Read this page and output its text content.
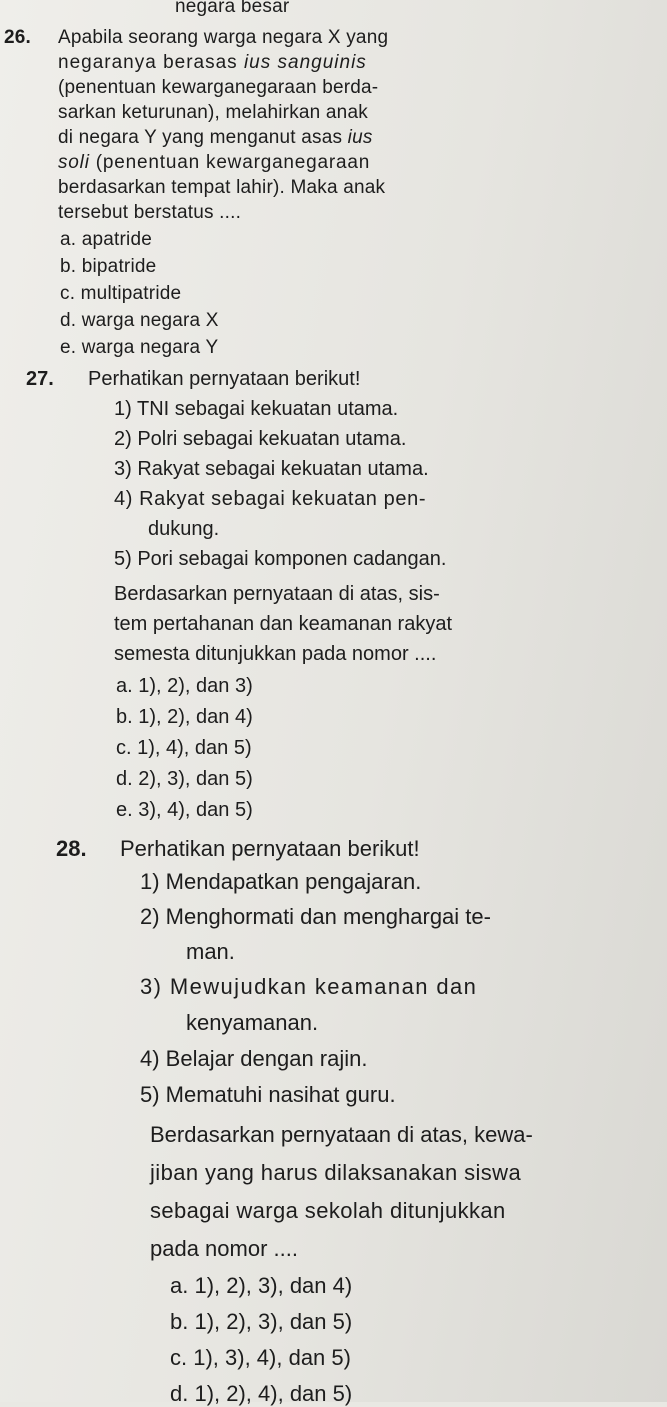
negara besar
26. Apabila seorang warga negara X yang
negaranya berasas ius sanguinis
(penentuan kewarganegaraan berda-
sarkan keturunan), melahirkan anak
di negara Y yang menganut asas ius
soli (penentuan kewarganegaraan
berdasarkan tempat lahir). Maka anak
tersebut berstatus ....
a. apatride
b. bipatride
c. multipatride
d. warga negara X
e. warga negara Y
27. Perhatikan pernyataan berikut!
1) TNI sebagai kekuatan utama.
2) Polri sebagai kekuatan utama.
3) Rakyat sebagai kekuatan utama.
4) Rakyat sebagai kekuatan pen-
dukung.
5) Pori sebagai komponen cadangan.
Berdasarkan pernyataan di atas, sis-
tem pertahanan dan keamanan rakyat
semesta ditunjukkan pada nomor ....
a. 1), 2), dan 3)
b. 1), 2), dan 4)
c. 1), 4), dan 5)
d. 2), 3), dan 5)
e. 3), 4), dan 5)
28. Perhatikan pernyataan berikut!
1) Mendapatkan pengajaran.
2) Menghormati dan menghargai te-
man.
3) Mewujudkan keamanan dan
kenyamanan.
4) Belajar dengan rajin.
5) Mematuhi nasihat guru.
Berdasarkan pernyataan di atas, kewa-
jiban yang harus dilaksanakan siswa
sebagai warga sekolah ditunjukkan
pada nomor ....
a. 1), 2), 3), dan 4)
b. 1), 2), 3), dan 5)
c. 1), 3), 4), dan 5)
d. 1), 2), 4), dan 5)
